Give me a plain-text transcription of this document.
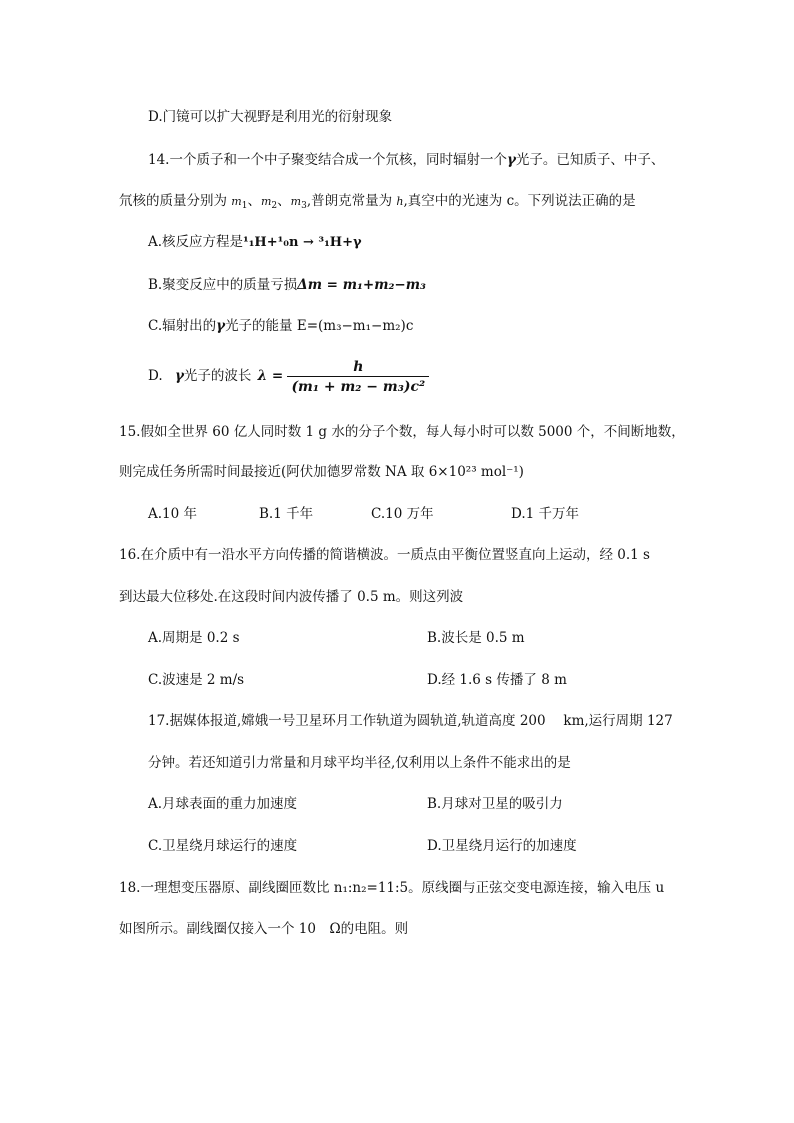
D.门镜可以扩大视野是利用光的衍射现象
14.一个质子和一个中子聚变结合成一个氘核，同时辐射一个γ光子。已知质子、中子、
氘核的质量分别为 $m_1$、$m_2$、$m_3$,普朗克常量为 h,真空中的光速为 c。下列说法正确的是
A.核反应方程是¹₁H+¹₀n → ³₁H+γ
B.聚变反应中的质量亏损Δm = m₁+m₂−m₃
C.辐射出的γ光子的能量 E=(m₃−m₁−m₂)c
D. γ光子的波长 $\lambda = \frac{h}{\text{(m₁ + m₂ − m₃)c²}}$
15.假如全世界 60 亿人同时数 1 g 水的分子个数，每人每小时可以数 5000 个，不间断地数，
则完成任务所需时间最接近(阿伏加德罗常数 NA 取 6×10²³ mol⁻¹)
A.10 年	B.1 千年	C.10 万年	D.1 千万年
16.在介质中有一沿水平方向传播的简谐横波。一质点由平衡位置竖直向上运动，经 0.1 s
到达最大位移处.在这段时间内波传播了 0.5 m。则这列波
A.周期是 0.2 s	B.波长是 0.5 m
C.波速是 2 m/s	D.经 1.6 s 传播了 8 m
17.据媒体报道,嫦娥一号卫星环月工作轨道为圆轨道,轨道高度 200　 km,运行周期 127
分钟。若还知道引力常量和月球平均半径,仅利用以上条件不能求出的是
A.月球表面的重力加速度	B.月球对卫星的吸引力
C.卫星绕月球运行的速度	D.卫星绕月运行的加速度
18.一理想变压器原、副线圈匝数比 n₁:n₂=11:5。原线圈与正弦交变电源连接，输入电压 u
如图所示。副线圈仅接入一个 10　Ω的电阻。则
